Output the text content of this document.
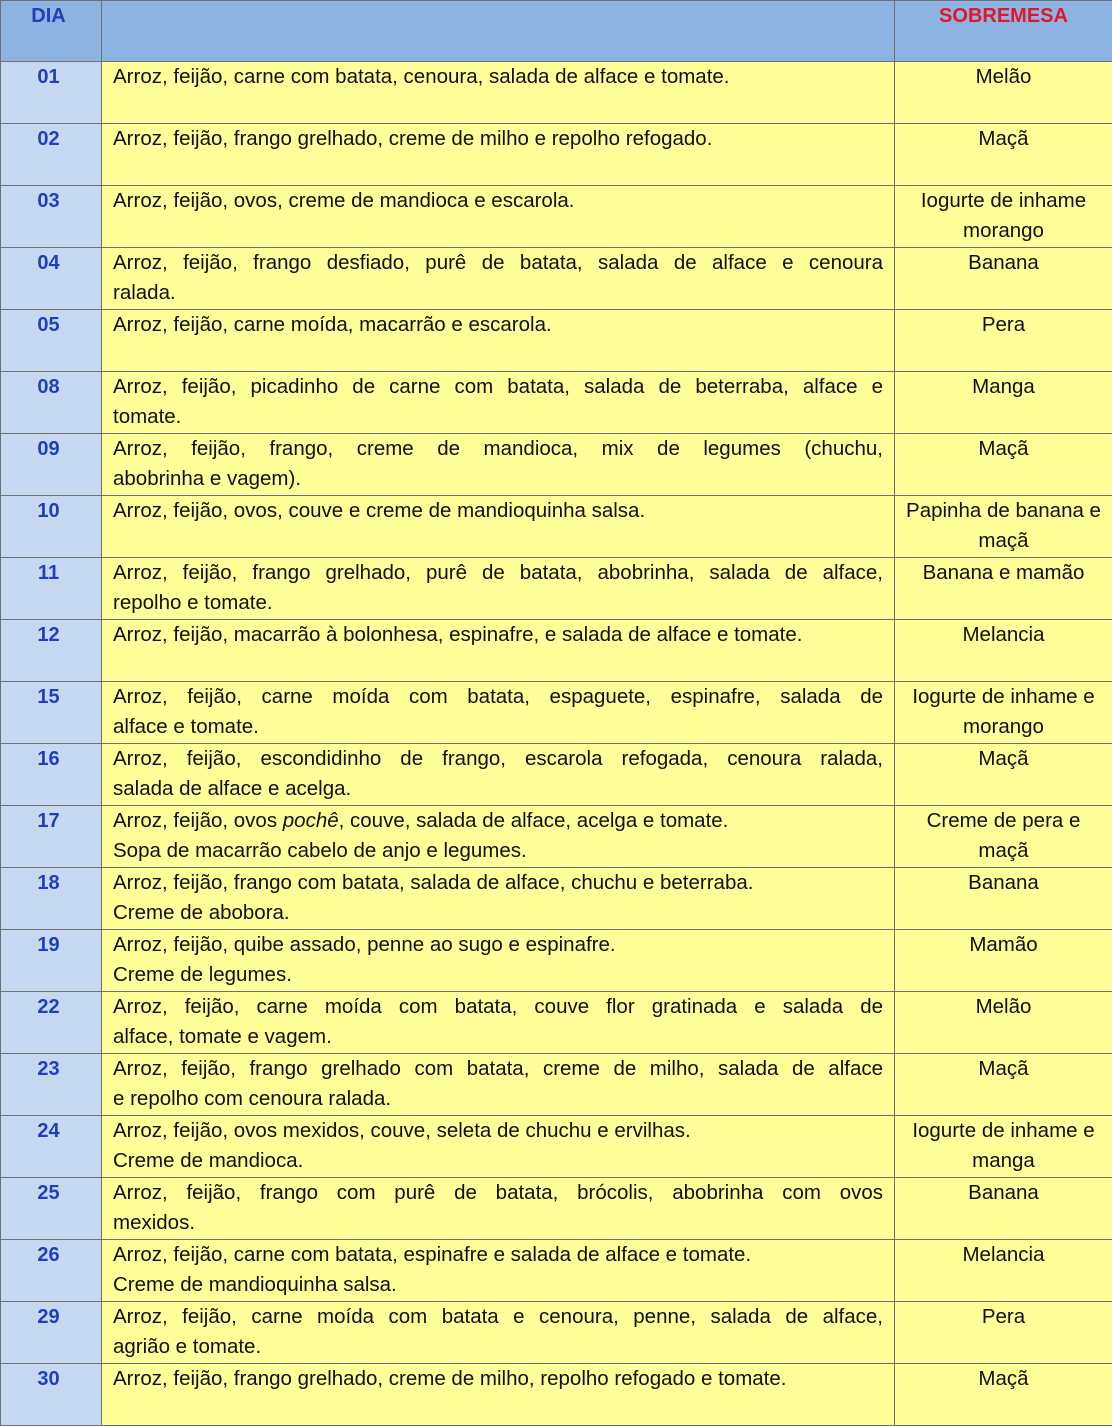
DIA		SOBREMESA

01	Arroz, feijão, carne com batata, cenoura, salada de alface e tomate.	Melão

02	Arroz, feijão, frango grelhado, creme de milho e repolho refogado.	Maçã

03	Arroz, feijão, ovos, creme de mandioca e escarola.	Iogurte de inhame morango

04	Arroz, feijão, frango desfiado, purê de batata, salada de alface e cenoura
ralada.	Banana

05	Arroz, feijão, carne moída, macarrão e escarola.	Pera

08	Arroz, feijão, picadinho de carne com batata, salada de beterraba, alface e
tomate.	Manga

09	Arroz, feijão, frango, creme de mandioca, mix de legumes (chuchu,
abobrinha e vagem).	Maçã

10	Arroz, feijão, ovos, couve e creme de mandioquinha salsa.	Papinha de banana e maçã

11	Arroz, feijão, frango grelhado, purê de batata, abobrinha, salada de alface,
repolho e tomate.	Banana e mamão

12	Arroz, feijão, macarrão à bolonhesa, espinafre, e salada de alface e tomate.	Melancia

15	Arroz, feijão, carne moída com batata, espaguete, espinafre, salada de
alface e tomate.	Iogurte de inhame e morango

16	Arroz, feijão, escondidinho de frango, escarola refogada, cenoura ralada,
salada de alface e acelga.	Maçã

17	Arroz, feijão, ovos pochê, couve, salada de alface, acelga e tomate.
Sopa de macarrão cabelo de anjo e legumes.	Creme de pera e maçã

18	Arroz, feijão, frango com batata, salada de alface, chuchu e beterraba.
Creme de abobora.	Banana

19	Arroz, feijão, quibe assado, penne ao sugo e espinafre.
Creme de legumes.	Mamão

22	Arroz, feijão, carne moída com batata, couve flor gratinada e salada de
alface, tomate e vagem.	Melão

23	Arroz, feijão, frango grelhado com batata, creme de milho, salada de alface
e repolho com cenoura ralada.	Maçã

24	Arroz, feijão, ovos mexidos, couve, seleta de chuchu e ervilhas.
Creme de mandioca.	Iogurte de inhame e manga

25	Arroz, feijão, frango com purê de batata, brócolis, abobrinha com ovos
mexidos.	Banana

26	Arroz, feijão, carne com batata, espinafre e salada de alface e tomate.
Creme de mandioquinha salsa.	Melancia

29	Arroz, feijão, carne moída com batata e cenoura, penne, salada de alface,
agrião e tomate.	Pera

30	Arroz, feijão, frango grelhado, creme de milho, repolho refogado e tomate.	Maçã
